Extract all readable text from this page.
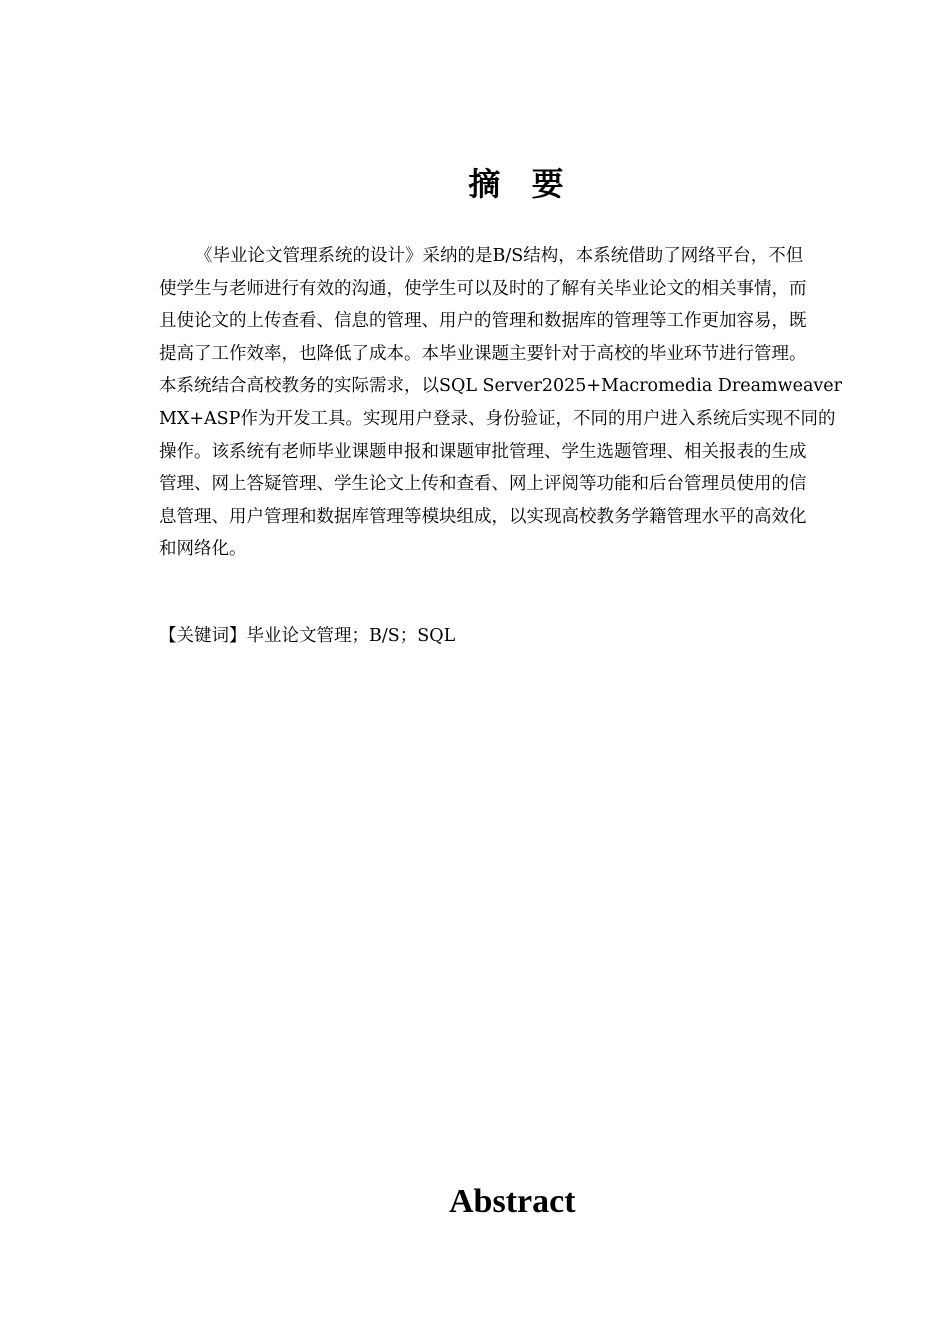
摘 要
《毕业论文管理系统的设计》采纳的是B/S结构，本系统借助了网络平台，不但
使学生与老师进行有效的沟通，使学生可以及时的了解有关毕业论文的相关事情，而
且使论文的上传查看、信息的管理、用户的管理和数据库的管理等工作更加容易，既
提高了工作效率，也降低了成本。本毕业课题主要针对于高校的毕业环节进行管理。
本系统结合高校教务的实际需求，以SQL Server2025+Macromedia Dreamweaver
MX+ASP作为开发工具。实现用户登录、身份验证，不同的用户进入系统后实现不同的
操作。该系统有老师毕业课题申报和课题审批管理、学生选题管理、相关报表的生成
管理、网上答疑管理、学生论文上传和查看、网上评阅等功能和后台管理员使用的信
息管理、用户管理和数据库管理等模块组成，以实现高校教务学籍管理水平的高效化
和网络化。

【关键词】毕业论文管理；B/S；SQL

Abstract
